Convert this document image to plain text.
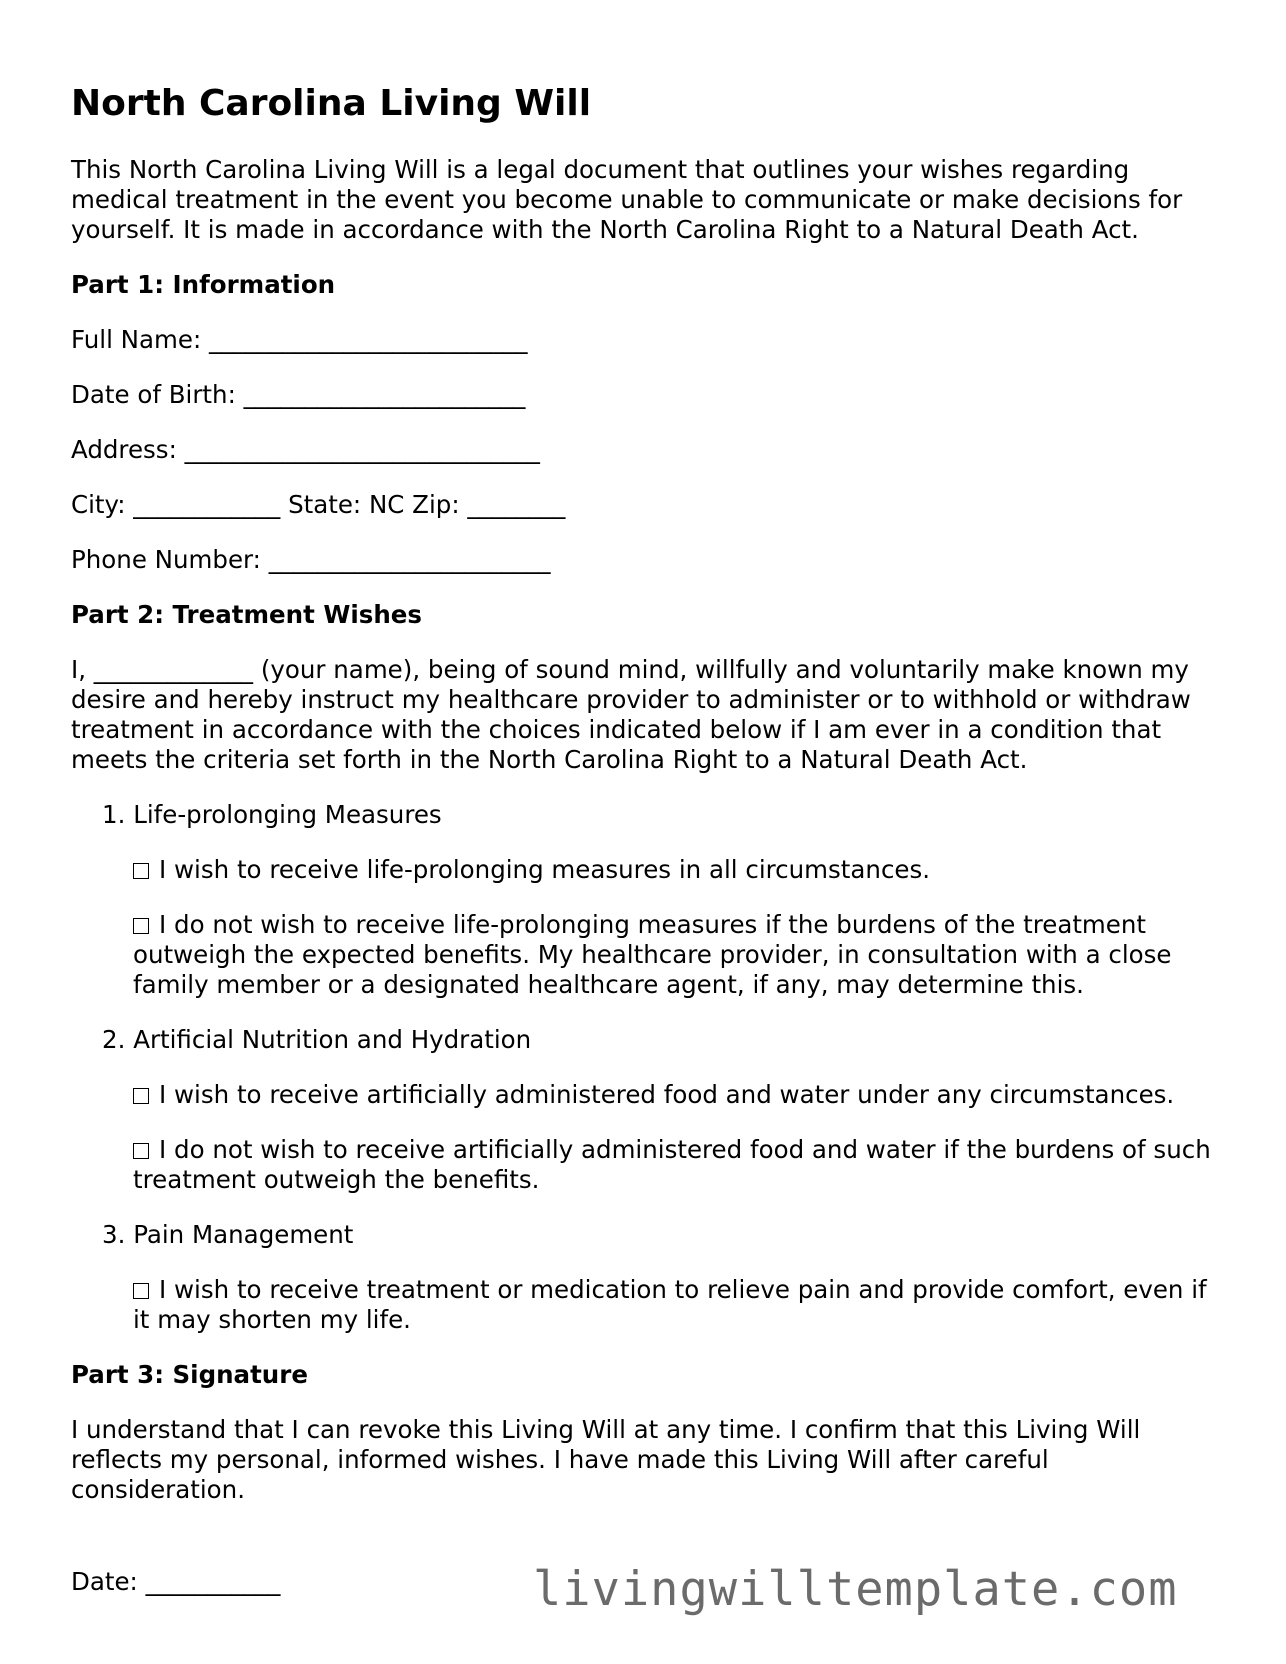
North Carolina Living Will

This North Carolina Living Will is a legal document that outlines your wishes regarding medical treatment in the event you become unable to communicate or make decisions for yourself. It is made in accordance with the North Carolina Right to a Natural Death Act.

Part 1: Information
Full Name: __________________________
Date of Birth: _______________________
Address: _____________________________
City: ____________ State: NC Zip: ________
Phone Number: _______________________
Part 2: Treatment Wishes

I, _____________ (your name), being of sound mind, willfully and voluntarily make known my desire and hereby instruct my healthcare provider to administer or to withhold or withdraw treatment in accordance with the choices indicated below if I am ever in a condition that meets the criteria set forth in the North Carolina Right to a Natural Death Act.

1. Life-prolonging Measures
I wish to receive life-prolonging measures in all circumstances.
I do not wish to receive life-prolonging measures if the burdens of the treatment outweigh the expected benefits. My healthcare provider, in consultation with a close family member or a designated healthcare agent, if any, may determine this.
2. Artificial Nutrition and Hydration
I wish to receive artificially administered food and water under any circumstances.
I do not wish to receive artificially administered food and water if the burdens of such treatment outweigh the benefits.
3. Pain Management
I wish to receive treatment or medication to relieve pain and provide comfort, even if it may shorten my life.
Part 3: Signature

I understand that I can revoke this Living Will at any time. I confirm that this Living Will reflects my personal, informed wishes. I have made this Living Will after careful consideration.

Date: ___________	livingwilltemplate.com
